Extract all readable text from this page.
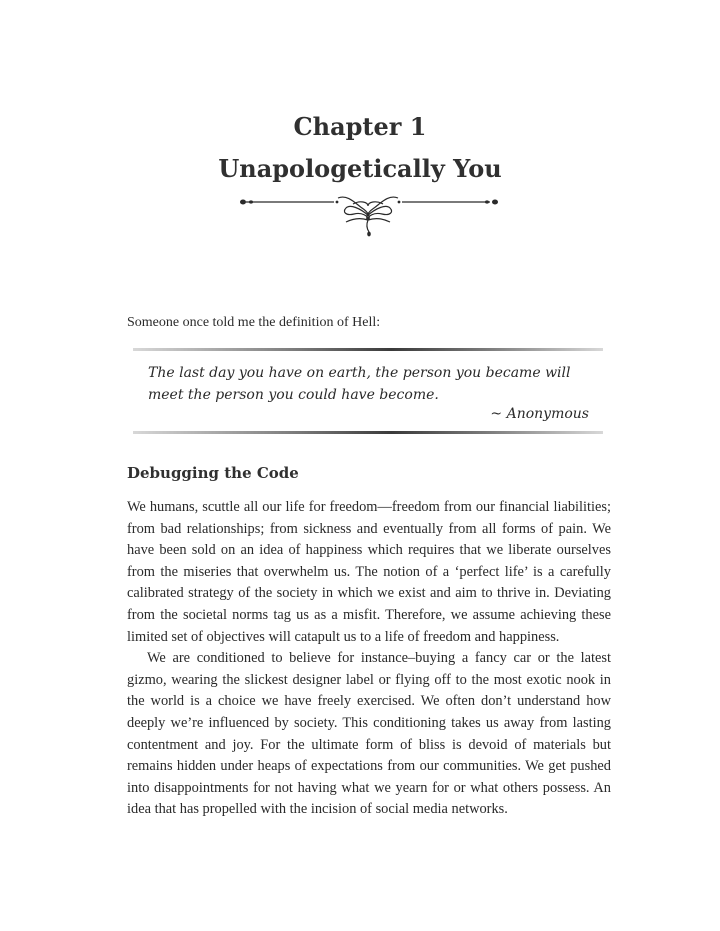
Chapter 1
Unapologetically You
Someone once told me the definition of Hell:
The last day you have on earth, the person you became will meet the person you could have become.
~ Anonymous
Debugging the Code

We humans, scuttle all our life for freedom—freedom from our financial liabilities; from bad relationships; from sickness and eventually from all forms of pain. We have been sold on an idea of happiness which requires that we liberate ourselves from the miseries that overwhelm us. The notion of a ‘perfect life’ is a carefully calibrated strategy of the society in which we exist and aim to thrive in. Deviating from the societal norms tag us as a misfit. Therefore, we assume achieving these limited set of objectives will catapult us to a life of freedom and happiness.

We are conditioned to believe for instance–buying a fancy car or the latest gizmo, wearing the slickest designer label or flying off to the most exotic nook in the world is a choice we have freely exercised. We often don’t understand how deeply we’re influenced by society. This conditioning takes us away from lasting contentment and joy. For the ultimate form of bliss is devoid of materials but remains hidden under heaps of expectations from our communities. We get pushed into disappointments for not having what we yearn for or what others possess. An idea that has propelled with the incision of social media networks.
